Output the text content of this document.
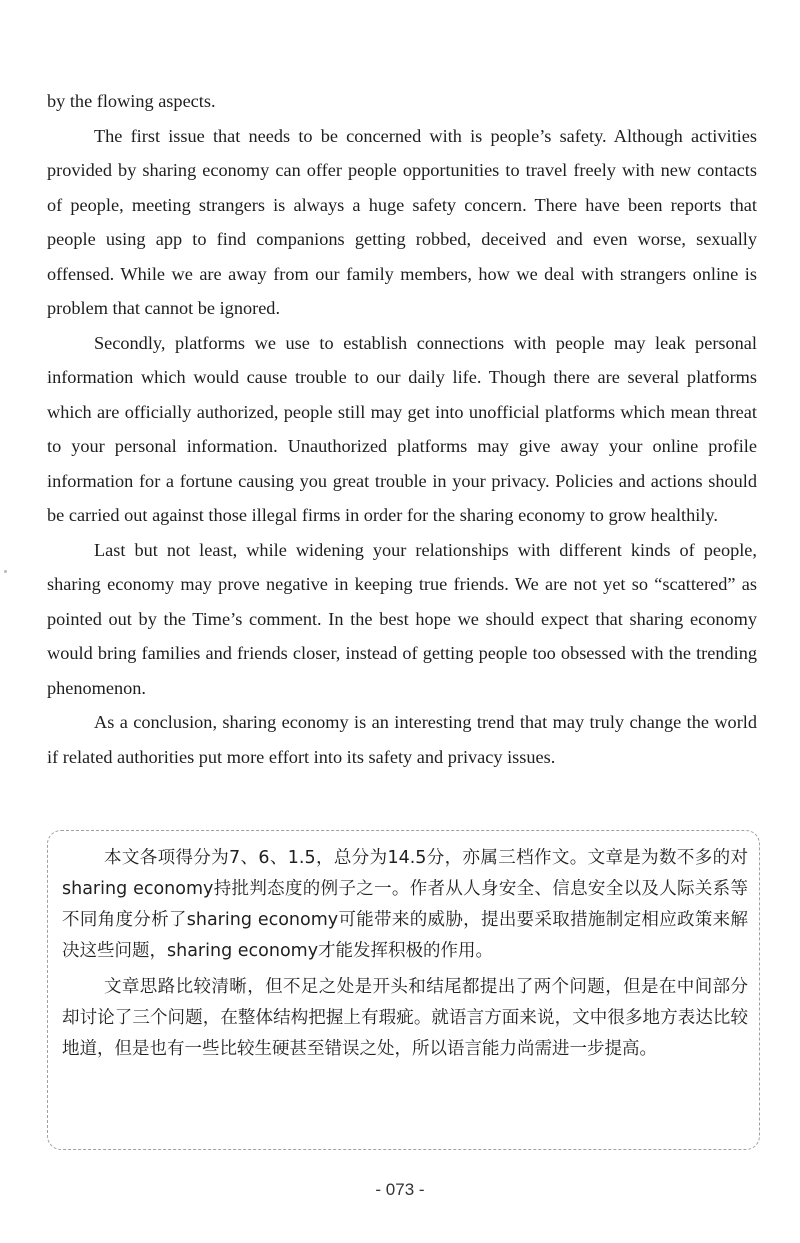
by the flowing aspects.

The first issue that needs to be concerned with is people’s safety. Although activities provided by sharing economy can offer people opportunities to travel freely with new contacts of people, meeting strangers is always a huge safety concern. There have been reports that people using app to find companions getting robbed, deceived and even worse, sexually offensed. While we are away from our family members, how we deal with strangers online is problem that cannot be ignored.

Secondly, platforms we use to establish connections with people may leak personal information which would cause trouble to our daily life. Though there are several platforms which are officially authorized, people still may get into unofficial platforms which mean threat to your personal information. Unauthorized platforms may give away your online profile information for a fortune causing you great trouble in your privacy. Policies and actions should be carried out against those illegal firms in order for the sharing economy to grow healthily.

Last but not least, while widening your relationships with different kinds of people, sharing economy may prove negative in keeping true friends. We are not yet so “scattered” as pointed out by the Time’s comment. In the best hope we should expect that sharing economy would bring families and friends closer, instead of getting people too obsessed with the trending phenomenon.

As a conclusion, sharing economy is an interesting trend that may truly change the world if related authorities put more effort into its safety and privacy issues.

本文各项得分为7、6、1.5，总分为14.5分，亦属三档作文。文章是为数不多的对sharing economy持批判态度的例子之一。作者从人身安全、信息安全以及人际关系等不同角度分析了sharing economy可能带来的威胁，提出要采取措施制定相应政策来解决这些问题，sharing economy才能发挥积极的作用。

文章思路比较清晰，但不足之处是开头和结尾都提出了两个问题，但是在中间部分却讨论了三个问题，在整体结构把握上有瑕疵。就语言方面来说，文中很多地方表达比较地道，但是也有一些比较生硬甚至错误之处，所以语言能力尚需进一步提高。

- 073 -
